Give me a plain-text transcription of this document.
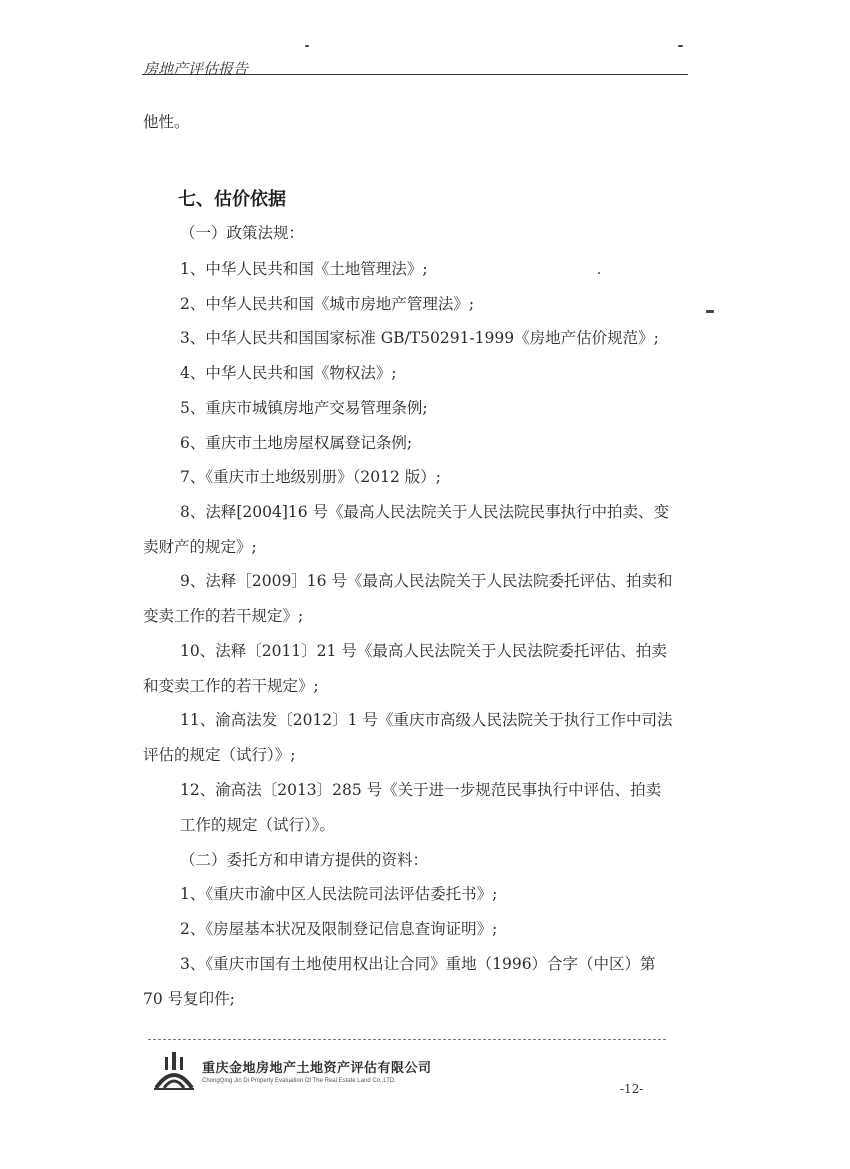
房地产评估报告
他性。
七、估价依据
（一）政策法规：
1、中华人民共和国《土地管理法》;
2、中华人民共和国《城市房地产管理法》;
3、中华人民共和国国家标准 GB/T50291-1999《房地产估价规范》;
4、中华人民共和国《物权法》;
5、重庆市城镇房地产交易管理条例;
6、重庆市土地房屋权属登记条例;
7、《重庆市土地级别册》（2012 版）;
8、法释[2004]16 号《最高人民法院关于人民法院民事执行中拍卖、变
卖财产的规定》;
9、法释［2009］16 号《最高人民法院关于人民法院委托评估、拍卖和
变卖工作的若干规定》;
10、法释〔2011〕21 号《最高人民法院关于人民法院委托评估、拍卖
和变卖工作的若干规定》;
11、渝高法发〔2012〕1 号《重庆市高级人民法院关于执行工作中司法
评估的规定（试行）》;
12、渝高法〔2013〕285 号《关于进一步规范民事执行中评估、拍卖
工作的规定（试行）》。
（二）委托方和申请方提供的资料：
1、《重庆市渝中区人民法院司法评估委托书》;
2、《房屋基本状况及限制登记信息查询证明》;
3、《重庆市国有土地使用权出让合同》重地（1996）合字（中区）第
70 号复印件;
重庆金地房地产土地资产评估有限公司
ChongQing Jin Di Property Evaluation Of The Real Estate Land Co.,LTD.
-12-
